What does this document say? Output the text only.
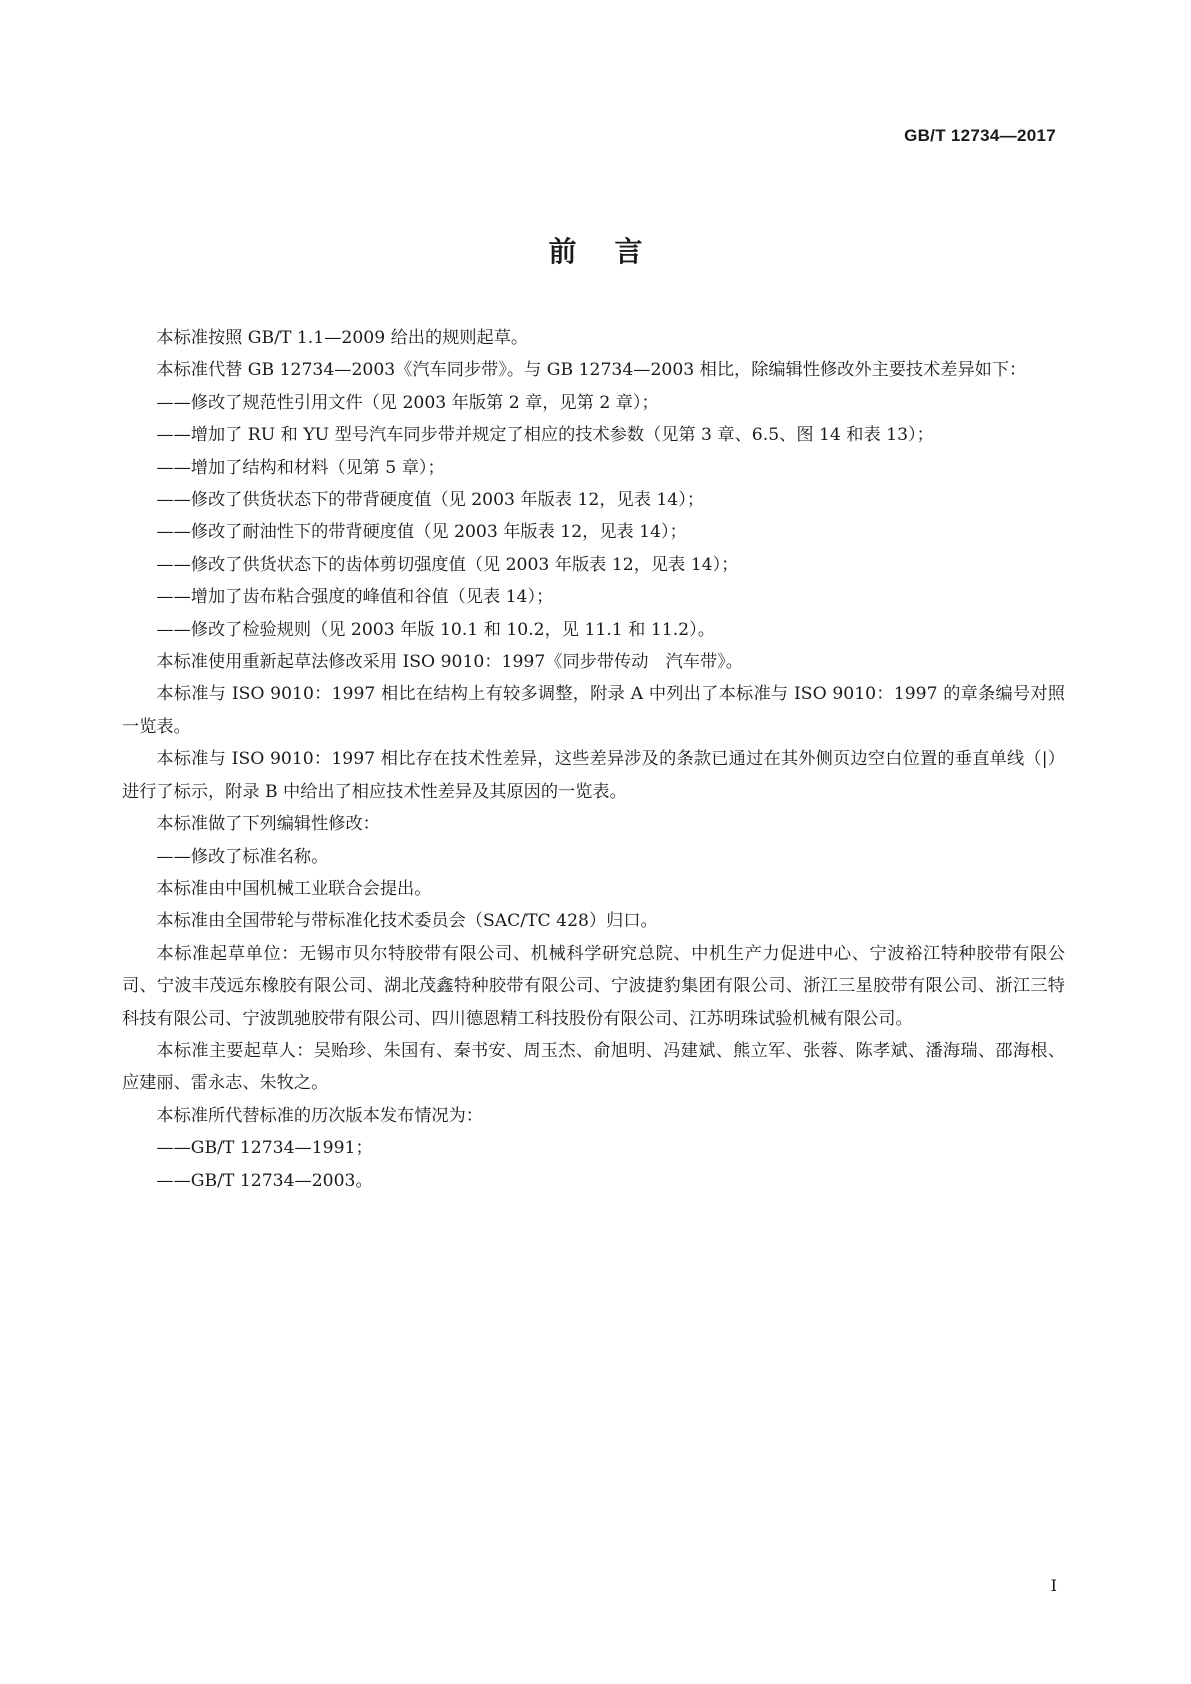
GB/T 12734—2017
前言

本标准按照 GB/T 1.1—2009 给出的规则起草。

本标准代替 GB 12734—2003《汽车同步带》。与 GB 12734—2003 相比，除编辑性修改外主要技术差异如下：

——修改了规范性引用文件（见 2003 年版第 2 章，见第 2 章）；

——增加了 RU 和 YU 型号汽车同步带并规定了相应的技术参数（见第 3 章、6.5、图 14 和表 13）；

——增加了结构和材料（见第 5 章）；

——修改了供货状态下的带背硬度值（见 2003 年版表 12，见表 14）；

——修改了耐油性下的带背硬度值（见 2003 年版表 12，见表 14）；

——修改了供货状态下的齿体剪切强度值（见 2003 年版表 12，见表 14）；

——增加了齿布粘合强度的峰值和谷值（见表 14）；

——修改了检验规则（见 2003 年版 10.1 和 10.2，见 11.1 和 11.2）。

本标准使用重新起草法修改采用 ISO 9010：1997《同步带传动　汽车带》。

本标准与 ISO 9010：1997 相比在结构上有较多调整，附录 A 中列出了本标准与 ISO 9010：1997 的章条编号对照一览表。

本标准与 ISO 9010：1997 相比存在技术性差异，这些差异涉及的条款已通过在其外侧页边空白位置的垂直单线（|）进行了标示，附录 B 中给出了相应技术性差异及其原因的一览表。

本标准做了下列编辑性修改：

——修改了标准名称。

本标准由中国机械工业联合会提出。

本标准由全国带轮与带标准化技术委员会（SAC/TC 428）归口。

本标准起草单位：无锡市贝尔特胶带有限公司、机械科学研究总院、中机生产力促进中心、宁波裕江特种胶带有限公司、宁波丰茂远东橡胶有限公司、湖北茂鑫特种胶带有限公司、宁波捷豹集团有限公司、浙江三星胶带有限公司、浙江三特科技有限公司、宁波凯驰胶带有限公司、四川德恩精工科技股份有限公司、江苏明珠试验机械有限公司。

本标准主要起草人：吴贻珍、朱国有、秦书安、周玉杰、俞旭明、冯建斌、熊立军、张蓉、陈孝斌、潘海瑞、邵海根、应建丽、雷永志、朱牧之。

本标准所代替标准的历次版本发布情况为：

——GB/T 12734—1991；

——GB/T 12734—2003。

I
